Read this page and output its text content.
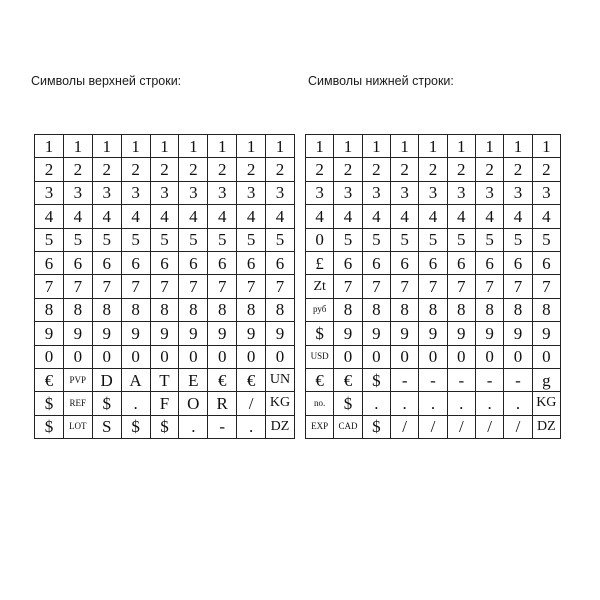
Символы верхней строки:	Символы нижней строки:
1	1	1	1	1	1	1	1	1
2	2	2	2	2	2	2	2	2
3	3	3	3	3	3	3	3	3
4	4	4	4	4	4	4	4	4
5	5	5	5	5	5	5	5	5
6	6	6	6	6	6	6	6	6
7	7	7	7	7	7	7	7	7
8	8	8	8	8	8	8	8	8
9	9	9	9	9	9	9	9	9
0	0	0	0	0	0	0	0	0
€	PVP	D	A	T	E	€	€	UN
$	REF	$	.	F	O	R	/	KG
$	LOT	S	$	$	.	-	.	DZ
1	1	1	1	1	1	1	1	1
2	2	2	2	2	2	2	2	2
3	3	3	3	3	3	3	3	3
4	4	4	4	4	4	4	4	4
0	5	5	5	5	5	5	5	5
£	6	6	6	6	6	6	6	6
Zt	7	7	7	7	7	7	7	7
руб	8	8	8	8	8	8	8	8
$	9	9	9	9	9	9	9	9
USD	0	0	0	0	0	0	0	0
€	€	$	-	-	-	-	-	g
no.	$	.	.	.	.	.	.	KG
EXP	CAD	$	/	/	/	/	/	DZ
